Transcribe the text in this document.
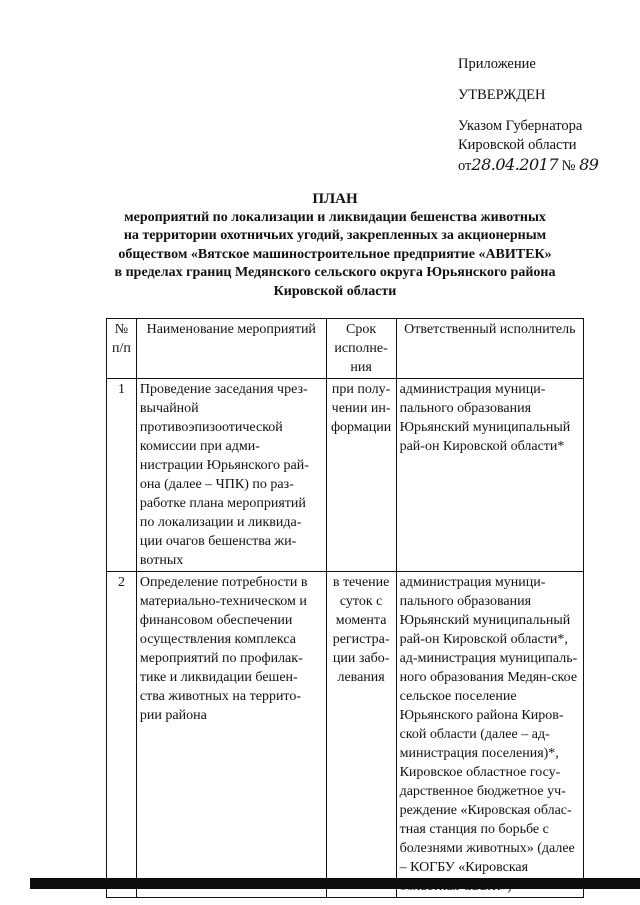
Приложение
УТВЕРЖДЕН
Указом Губернатора
Кировской области
от28.04.2017 № 89
ПЛАН
мероприятий по локализации и ликвидации бешенства животных
на территории охотничьих угодий, закрепленных за акционерным
обществом «Вятское машиностроительное предприятие «АВИТЕК»
в пределах границ Медянского сельского округа Юрьянского района
Кировской области
№ п/п	Наименование мероприятий	Срок исполне-ния	Ответственный исполнитель
1	Проведение заседания чрез-вычайной противоэпизоотической комиссии при адми-нистрации Юрьянского рай-она (далее – ЧПК) по раз-работке плана мероприятий по локализации и ликвида-ции очагов бешенства жи-вотных	при полу-чении ин-формации	администрация муници-пального образования Юрьянский муниципальный рай-он Кировской области*
2	Определение потребности в материально-техническом и финансовом обеспечении осуществления комплекса мероприятий по профилак-тике и ликвидации бешен-ства животных на террито-рии района	в течение суток с момента регистра-ции забо-левания	администрация муници-пального образования Юрьянский муниципальный рай-он Кировской области*, ад-министрация муниципаль-ного образования Медян-ское сельское поселение Юрьянского района Киров-ской области (далее – ад-министрация поселения)*, Кировское областное госу-дарственное бюджетное уч-реждение «Кировская облас-тная станция по борьбе с болезнями животных» (далее – КОГБУ «Кировская
